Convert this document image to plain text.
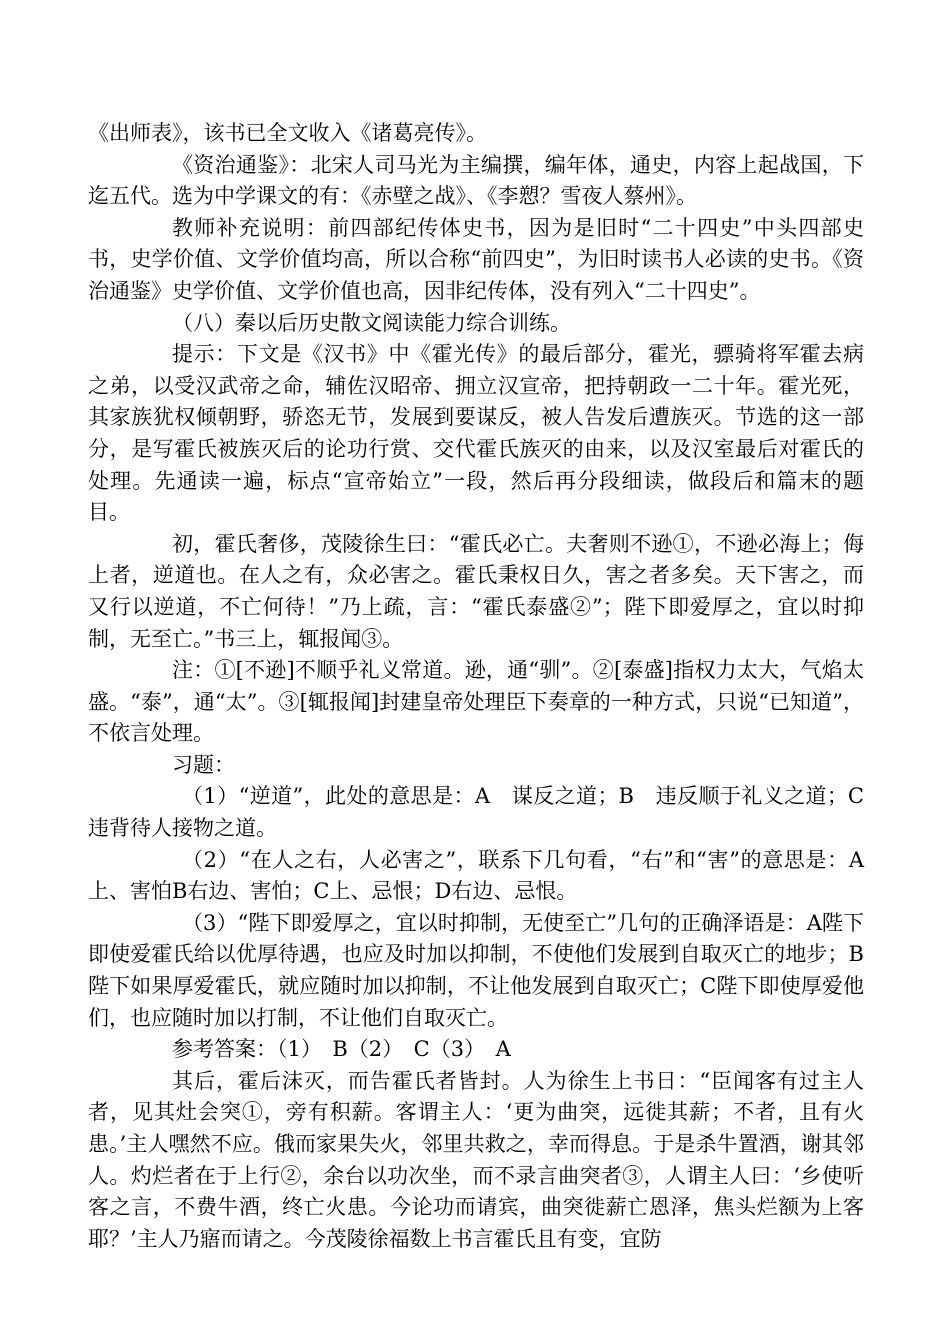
《出师表》，该书已全文收入《诸葛亮传》。

《资治通鉴》：北宋人司马光为主编撰，编年体，通史，内容上起战国，下迄五代。选为中学课文的有：《赤壁之战》、《李愬？雪夜人蔡州》。

教师补充说明：前四部纪传体史书，因为是旧时“二十四史”中头四部史书，史学价值、文学价值均高，所以合称“前四史”，为旧时读书人必读的史书。《资治通鉴》史学价值、文学价值也高，因非纪传体，没有列入“二十四史”。

（八）秦以后历史散文阅读能力综合训练。

提示：下文是《汉书》中《霍光传》的最后部分，霍光，骠骑将军霍去病之弟，以受汉武帝之命，辅佐汉昭帝、拥立汉宣帝，把持朝政一二十年。霍光死，其家族犹权倾朝野，骄恣无节，发展到要谋反，被人告发后遭族灭。节选的这一部分，是写霍氏被族灭后的论功行赏、交代霍氏族灭的由来，以及汉室最后对霍氏的处理。先通读一遍，标点“宣帝始立”一段，然后再分段细读，做段后和篇末的题目。

初，霍氏奢侈，茂陵徐生曰：“霍氏必亡。夫奢则不逊①，不逊必海上；侮上者，逆道也。在人之有，众必害之。霍氏秉权日久，害之者多矣。天下害之，而又行以逆道，不亡何待！”乃上疏，言：“霍氏泰盛②”；陛下即爱厚之，宜以时抑制，无至亡。”书三上，辄报闻③。

注：①[不逊]不顺乎礼义常道。逊，通“驯”。②[泰盛]指权力太大，气焰太盛。“泰”，通“太”。③[辄报闻]封建皇帝处理臣下奏章的一种方式，只说“已知道”，不依言处理。

习题：

（1）“逆道”，此处的意思是：A　谋反之道；B　违反顺于礼义之道；C　违背待人接物之道。

（2）“在人之右，人必害之”，联系下几句看，“右”和“害”的意思是：A上、害怕B右边、害怕；C上、忌恨；D右边、忌恨。

（3）“陛下即爱厚之，宜以时抑制，无使至亡”几句的正确泽语是：A陛下即使爱霍氏给以优厚待遇，也应及时加以抑制，不使他们发展到自取灭亡的地步；B陛下如果厚爱霍氏，就应随时加以抑制，不让他发展到自取灭亡；C陛下即使厚爱他们，也应随时加以打制，不让他们自取灭亡。

参考答案：（1）　B（2）　C（3）　A

其后，霍后沫灭，而告霍氏者皆封。人为徐生上书日：“臣闻客有过主人者，见其灶会突①，旁有积薪。客谓主人：‘更为曲突，远徙其薪；不者，且有火患。’主人嘿然不应。俄而家果失火，邻里共救之，幸而得息。于是杀牛置酒，谢其邻人。灼烂者在于上行②，余台以功次坐，而不录言曲突者③，人谓主人曰：‘乡使听客之言，不费牛酒，终亡火患。今论功而请宾，曲突徙薪亡恩泽，焦头烂额为上客耶？’主人乃寤而请之。今茂陵徐福数上书言霍氏且有变，宜防
